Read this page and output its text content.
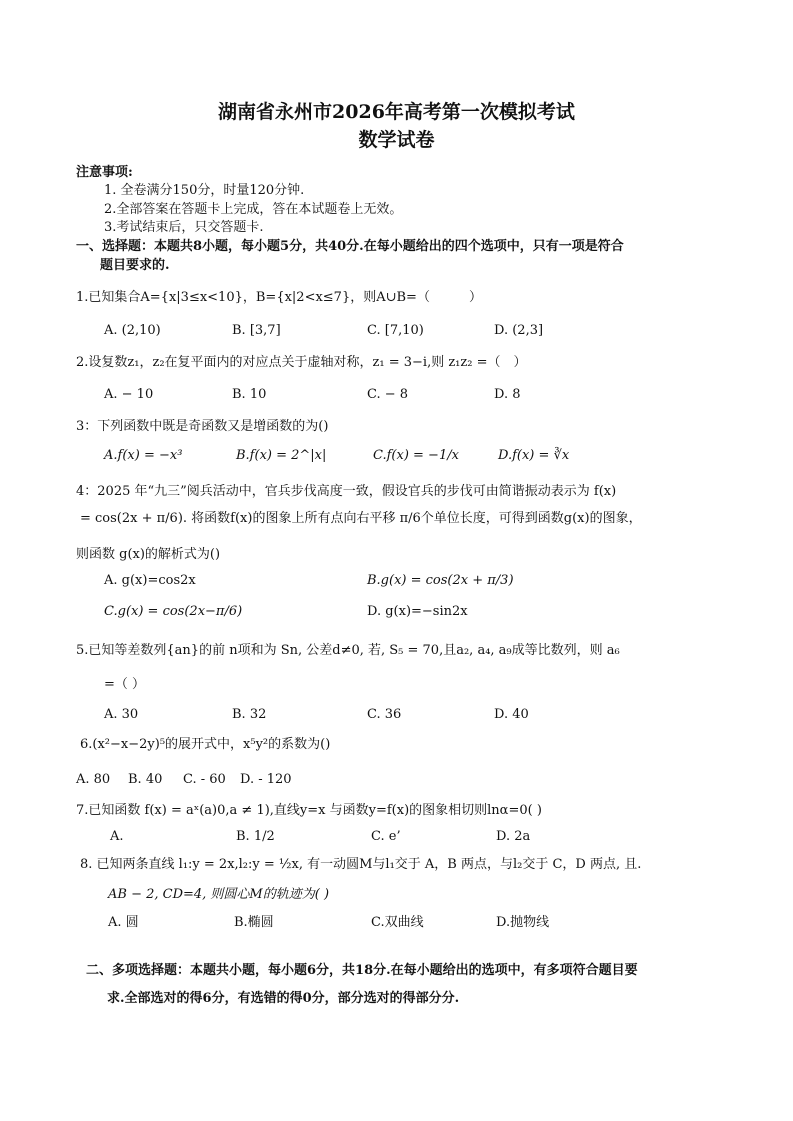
湖南省永州市2026年高考第一次模拟考试
数学试卷
注意事项:
1. 全卷满分150分，时量120分钟.
2.全部答案在答题卡上完成，答在本试题卷上无效。
3.考试结束后，只交答题卡.
一、选择题：本题共8小题，每小题5分，共40分.在每小题给出的四个选项中，只有一项是符合
题目要求的.
1.已知集合A={x|3≤x<10}，B={x|2<x≤7}，则A∪B=（　　　）
A. (2,10)	B. [3,7]	C. [7,10)	D. (2,3]
2.设复数z₁，z₂在复平面内的对应点关于虚轴对称，z₁ = 3−i,则 z₁z₂ =（　）
A. − 10	B. 10	C. − 8	D. 8
3：下列函数中既是奇函数又是增函数的为()
A.f(x) = −x³	B.f(x) = 2^|x|	C.f(x) = −1/x	D.f(x) = ∛x
4：2025 年“九三”阅兵活动中，官兵步伐高度一致，假设官兵的步伐可由简谐振动表示为 f(x)
= cos(2x + π/6). 将函数f(x)的图象上所有点向右平移 π/6个单位长度，可得到函数g(x)的图象，
则函数 g(x)的解析式为()
A. g(x)=cos2x	B.g(x) = cos(2x + π/3)
C.g(x) = cos(2x−π/6)	D. g(x)=−sin2x
5.已知等差数列{an}的前 n项和为 Sn, 公差d≠0, 若, S₅ = 70,且a₂, a₄, a₉成等比数列，则 a₆
=（ ）
A. 30	B. 32	C. 36	D. 40
6.(x²−x−2y)⁵的展开式中，x⁵y²的系数为()
A. 80 B. 40 C. - 60 D. - 120
7.已知函数 f(x) = aˣ(a)0,a ≠ 1),直线y=x 与函数y=f(x)的图象相切则lnα=0( )
A.	B. 1/2	C. e’	D. 2a
8. 已知两条直线 l₁:y = 2x,l₂:y = ½x, 有一动圆M与l₁交于 A，B 两点，与l₂交于 C，D 两点, 且.
AB − 2, CD=4, 则圆心M的轨迹为( )
A. 圆	B.椭圆	C.双曲线	D.抛物线
二、多项选择题：本题共小题，每小题6分，共18分.在每小题给出的选项中，有多项符合题目要
求.全部选对的得6分，有选错的得0分，部分选对的得部分分.
